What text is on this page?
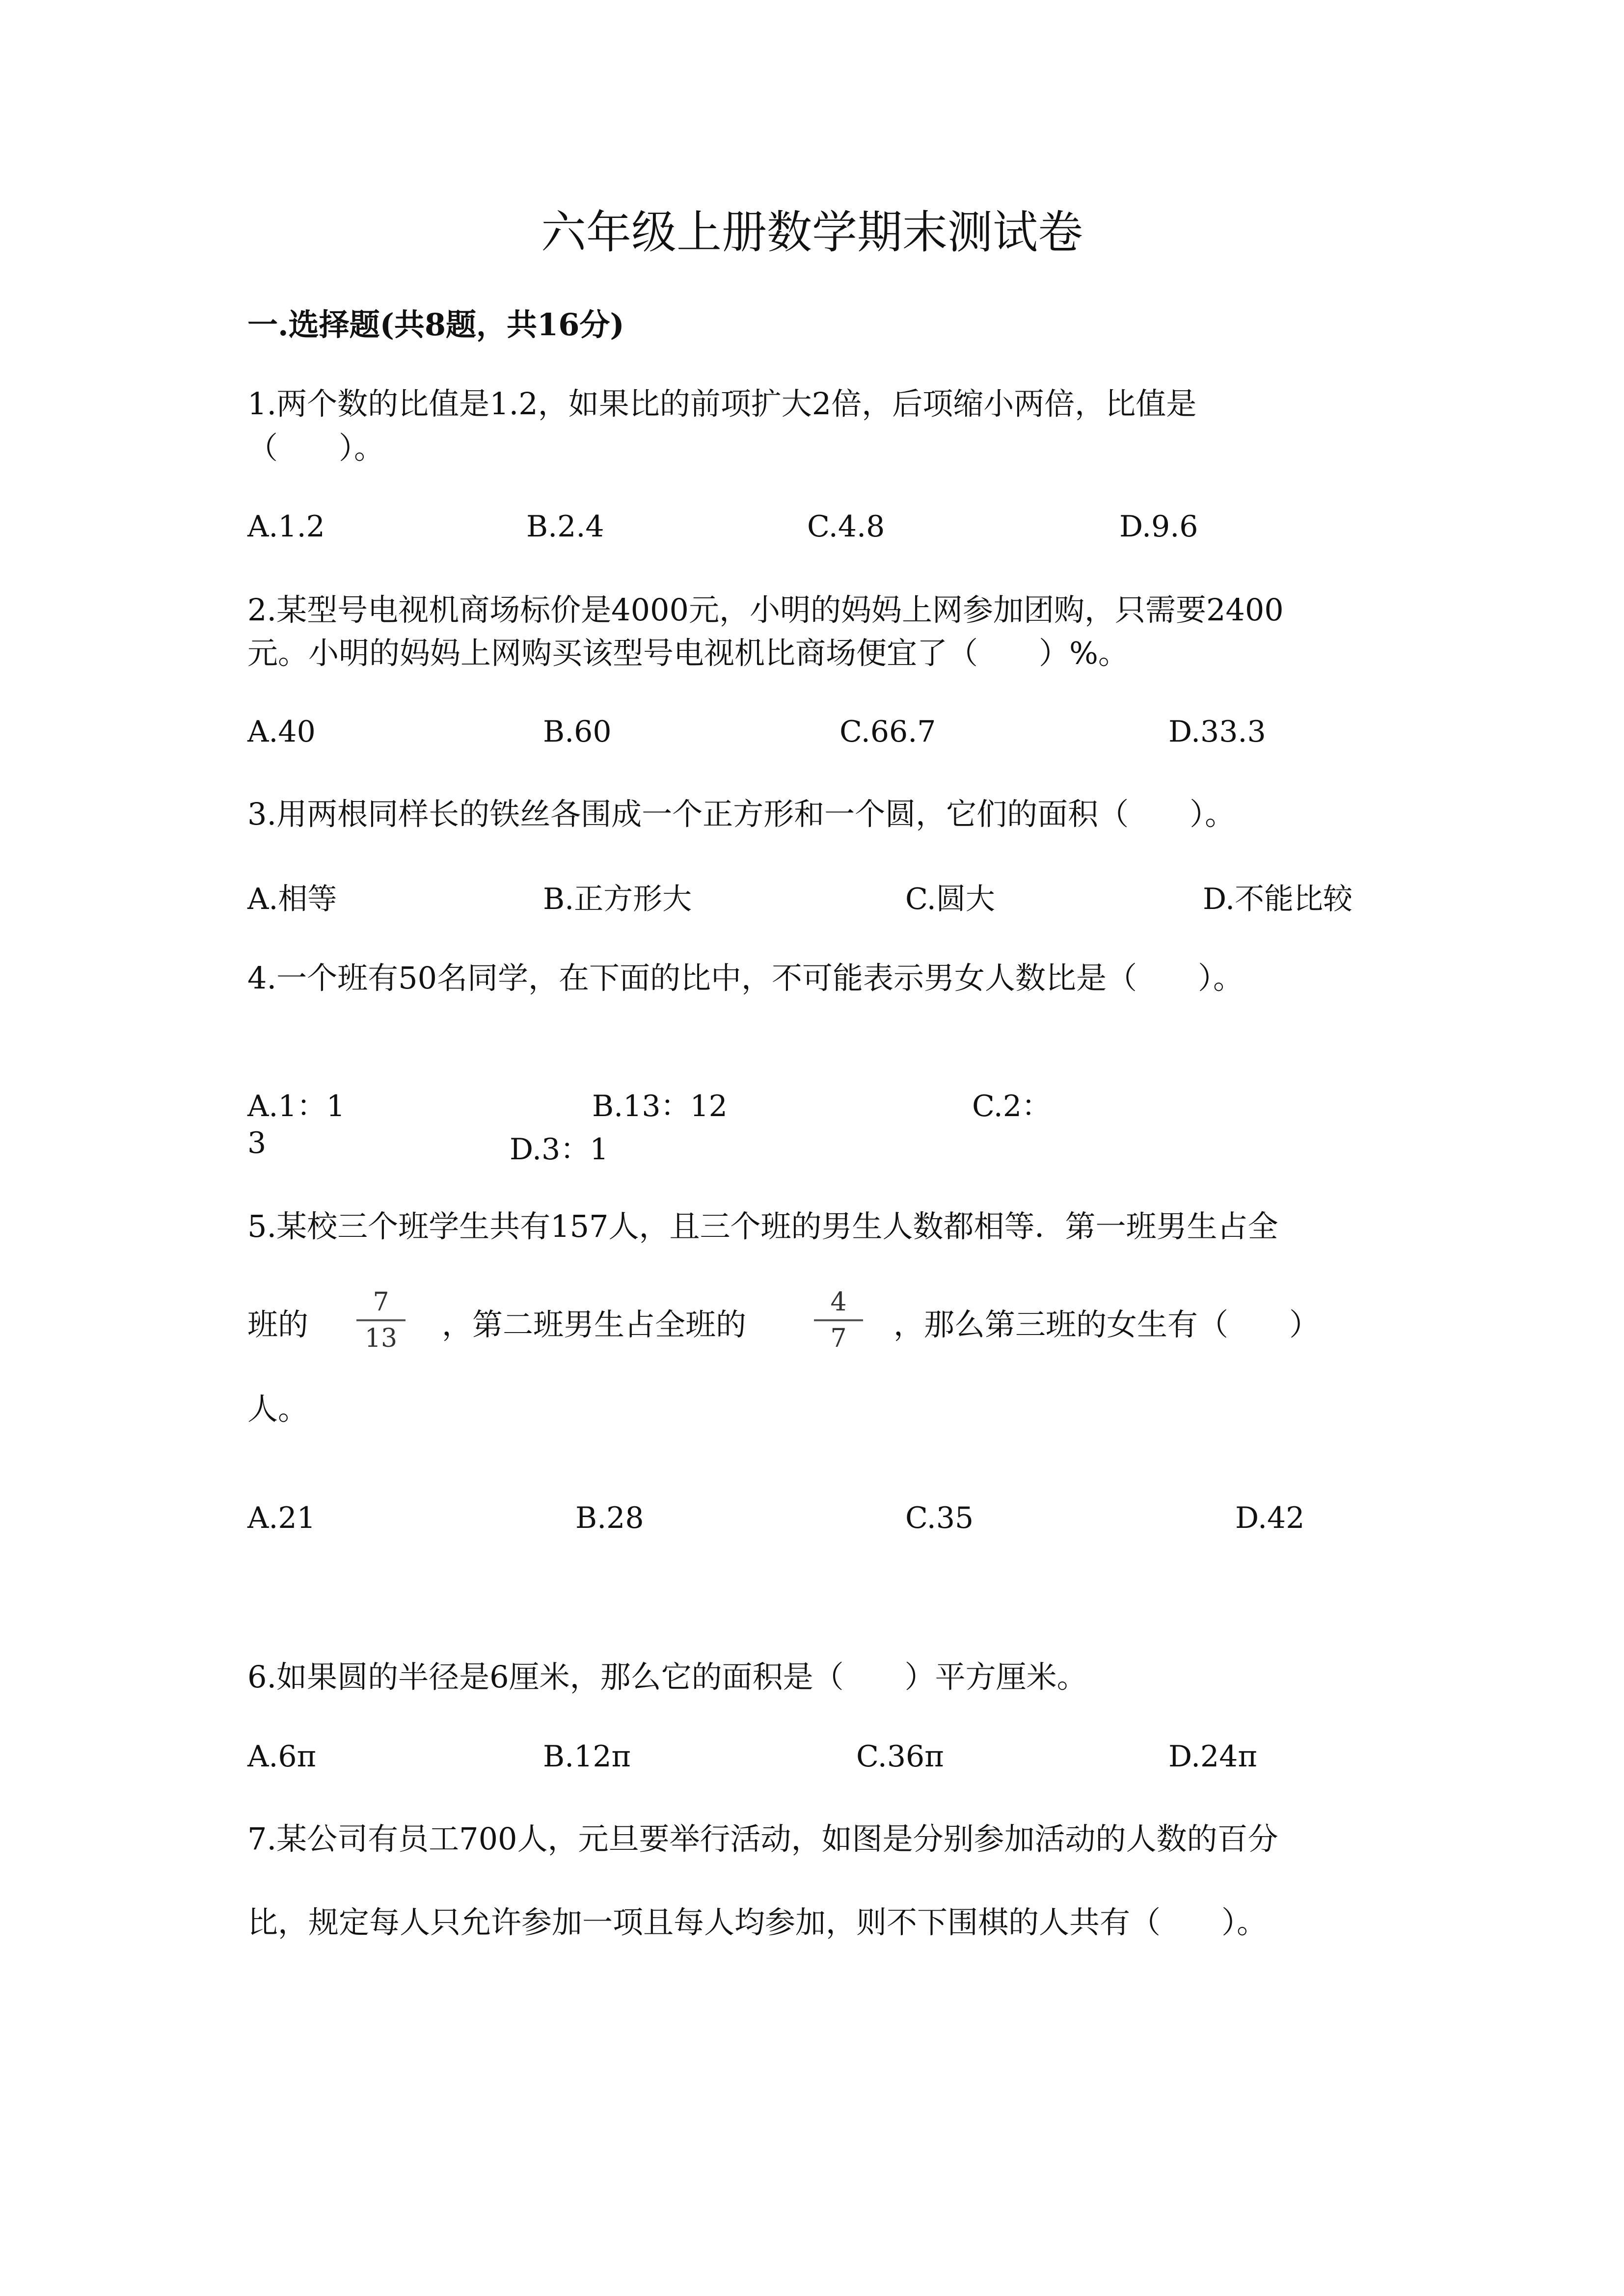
六年级上册数学期末测试卷
一.选择题(共8题，共16分)
1.两个数的比值是1.2，如果比的前项扩大2倍，后项缩小两倍，比值是
（　　）。
A.1.2	B.2.4	C.4.8	D.9.6
2.某型号电视机商场标价是4000元，小明的妈妈上网参加团购，只需要2400
元。小明的妈妈上网购买该型号电视机比商场便宜了（　　）%。
A.40	B.60	C.66.7	D.33.3
3.用两根同样长的铁丝各围成一个正方形和一个圆，它们的面积（　　）。
A.相等	B.正方形大	C.圆大	D.不能比较
4.一个班有50名同学，在下面的比中，不可能表示男女人数比是（　　）。
A.1：1	B.13：12	C.2：
3	D.3：1
5.某校三个班学生共有157人，且三个班的男生人数都相等．第一班男生占全
班的
7
13	，第二班男生占全班的
4
7	，那么第三班的女生有（　　）
人。
A.21	B.28	C.35	D.42
6.如果圆的半径是6厘米，那么它的面积是（　　）平方厘米。
A.6π	B.12π	C.36π	D.24π
7.某公司有员工700人，元旦要举行活动，如图是分别参加活动的人数的百分
比，规定每人只允许参加一项且每人均参加，则不下围棋的人共有（　　）。
